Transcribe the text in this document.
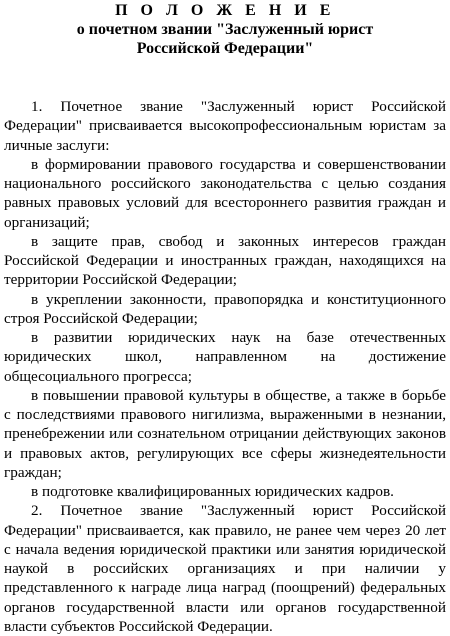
П О Л О Ж Е Н И Е

о почетном звании "Заслуженный юрист

Российской Федерации"

1. Почетное звание "Заслуженный юрист Российской Федерации" присваивается высокопрофессиональным юристам за личные заслуги:

в формировании правового государства и совершенствовании национального российского законодательства с целью создания равных правовых условий для всестороннего развития граждан и организаций;

в защите прав, свобод и законных интересов граждан Российской Федерации и иностранных граждан, находящихся на территории Российской Федерации;

в укреплении законности, правопорядка и конституционного строя Российской Федерации;

в развитии юридических наук на базе отечественных юридических школ, направленном на достижение общесоциального прогресса;

в повышении правовой культуры в обществе, а также в борьбе с последствиями правового нигилизма, выраженными в незнании, пренебрежении или сознательном отрицании действующих законов и правовых актов, регулирующих все сферы жизнедеятельности граждан;

в подготовке квалифицированных юридических кадров.

2. Почетное звание "Заслуженный юрист Российской Федерации" присваивается, как правило, не ранее чем через 20 лет с начала ведения юридической практики или занятия юридической наукой в российских организациях и при наличии у представленного к награде лица наград (поощрений) федеральных органов государственной власти или органов государственной власти субъектов Российской Федерации.
